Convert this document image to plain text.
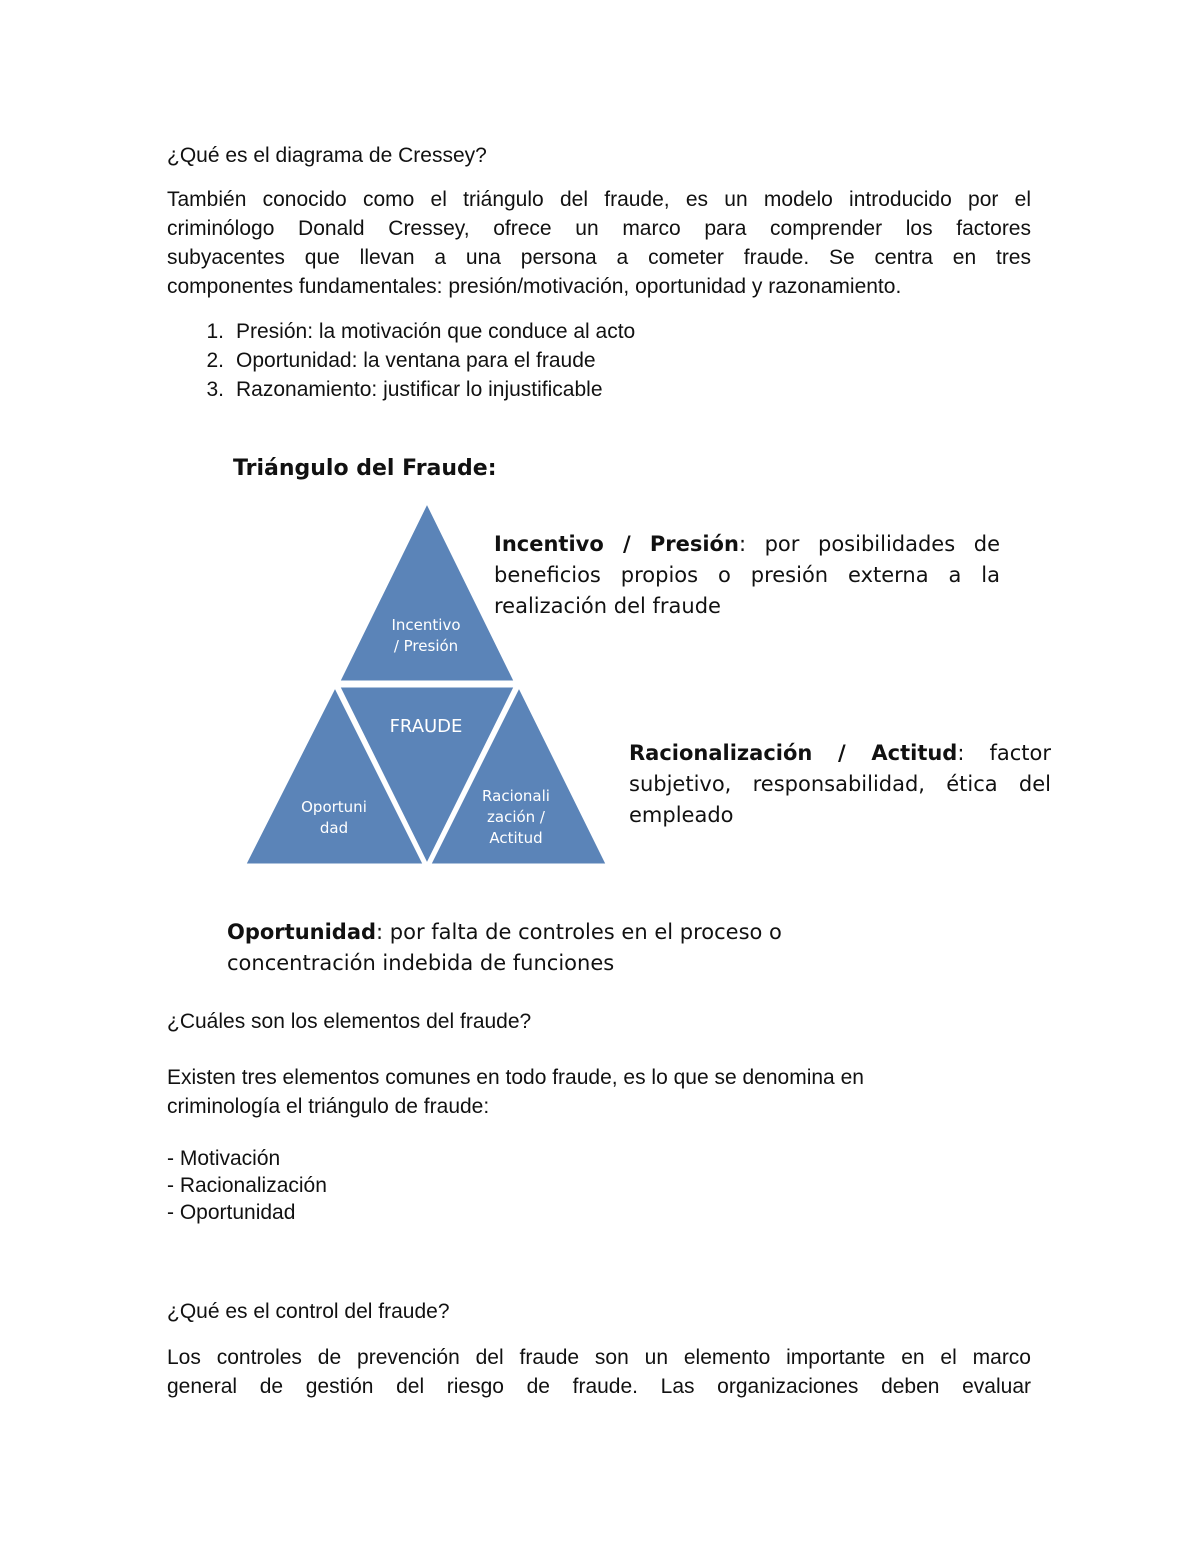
¿Qué es el diagrama de Cressey?
También conocido como el triángulo del fraude, es un modelo introducido por el
criminólogo Donald Cressey, ofrece un marco para comprender los factores
subyacentes que llevan a una persona a cometer fraude. Se centra en tres
componentes fundamentales: presión/motivación, oportunidad y razonamiento.
1. Presión: la motivación que conduce al acto
2. Oportunidad: la ventana para el fraude
3. Razonamiento: justificar lo injustificable
Triángulo del Fraude:
Incentivo
/ Presión
FRAUDE
Oportuni
dad
Racionali
zación /
Actitud
Incentivo / Presión: por posibilidades de
beneficios propios o presión externa a la
realización del fraude
Racionalización / Actitud: factor
subjetivo, responsabilidad, ética del
empleado
Oportunidad: por falta de controles en el proceso o
concentración indebida de funciones
¿Cuáles son los elementos del fraude?
Existen tres elementos comunes en todo fraude, es lo que se denomina en
criminología el triángulo de fraude:
- Motivación
- Racionalización
- Oportunidad
¿Qué es el control del fraude?
Los controles de prevención del fraude son un elemento importante en el marco
general de gestión del riesgo de fraude. Las organizaciones deben evaluar
